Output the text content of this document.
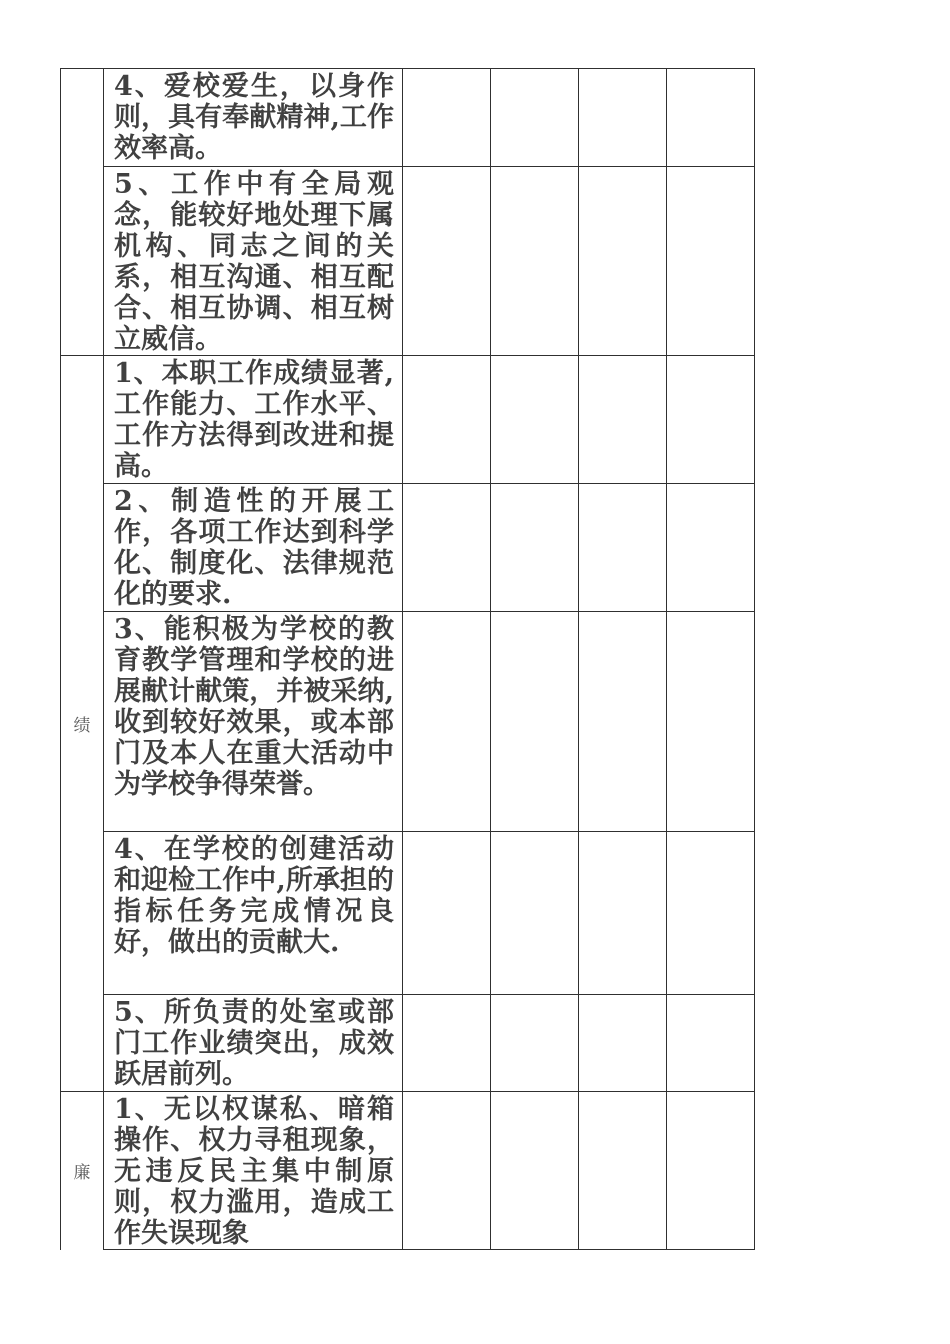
	4、爱校爱生，以身作则，具有奉献精神,工作效率高。				
	5、工作中有全局观念，能较好地处理下属机构、同志之间的关系，相互沟通、相互配合、相互协调、相互树立威信。				
绩	1、本职工作成绩显著,工作能力、工作水平、工作方法得到改进和提高。				
	2、制造性的开展工作，各项工作达到科学化、制度化、法律规范化的要求.				
	3、能积极为学校的教育教学管理和学校的进展献计献策，并被采纳,收到较好效果，或本部门及本人在重大活动中为学校争得荣誉。				
	4、在学校的创建活动和迎检工作中,所承担的指标任务完成情况良好，做出的贡献大.				
	5、所负责的处室或部门工作业绩突出，成效跃居前列。				
廉	1、无以权谋私、暗箱操作、权力寻租现象，无违反民主集中制原则，权力滥用，造成工作失误现象				
